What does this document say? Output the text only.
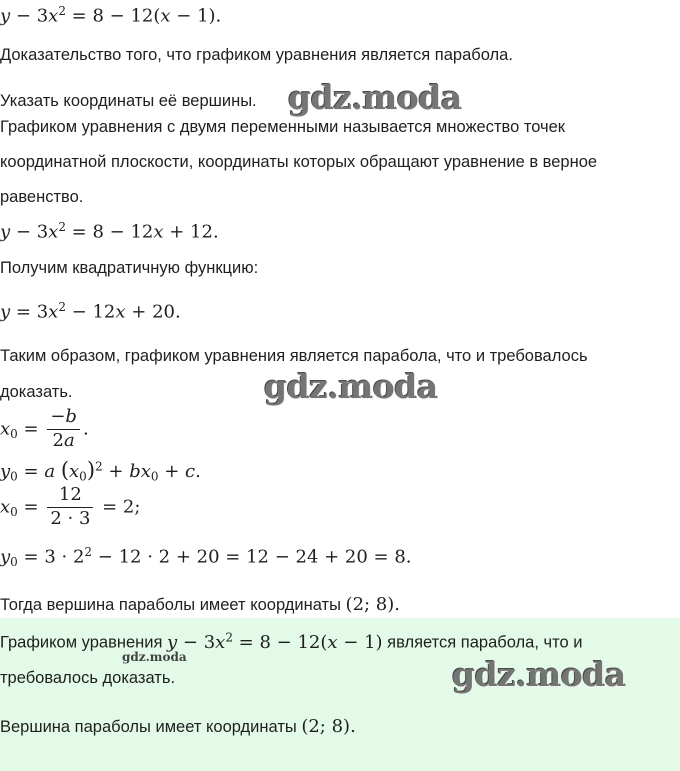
$y - 3x^2 = 8 - 12(x - 1)$.
Доказательство того, что графиком уравнения является парабола.
Указать координаты её вершины.
Графиком уравнения с двумя переменными называется множество точек
координатной плоскости, координаты которых обращают уравнение в верное
равенство.
$y - 3x^2 = 8 - 12x + 12$.
Получим квадратичную функцию:
$y = 3x^2 - 12x + 20$.
Таким образом, графиком уравнения является парабола, что и требовалось
доказать.
$x_0 = \frac{-b}{2a}$ .
$y_0 = a$ $(x_0)^2 + bx_0 + c$.
$x_0 = \frac{12}{2 \cdot 3} = 2$;
$y_0 = 3 \cdot 2^2 - 12 \cdot 2 + 20 = 12 - 24 + 20 = 8$.
Тогда вершина параболы имеет координаты (2; 8).
Графиком уравнения $y - 3x^2 = 8 - 12(x - 1)$ является парабола, что и
требовалось доказать.
Вершина параболы имеет координаты (2; 8).
gdz.moda
gdz.moda
gdz.moda	gdz.moda
